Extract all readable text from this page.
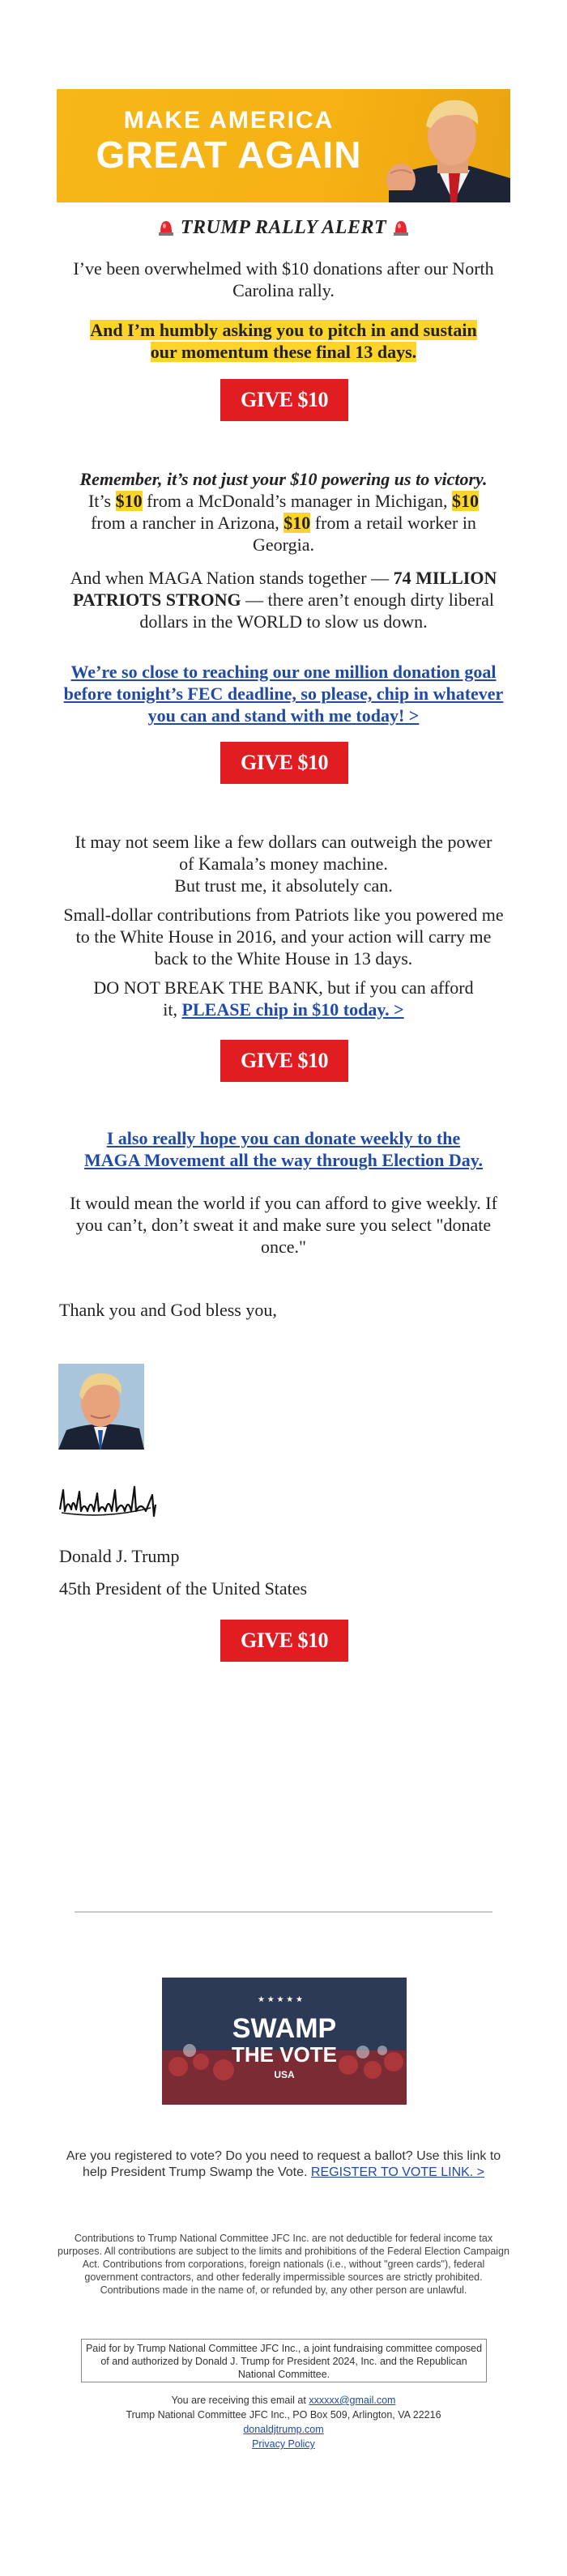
MAKE AMERICA
GREAT AGAIN
TRUMP RALLY ALERT

I’ve been overwhelmed with $10 donations after our North Carolina rally.

And I’m humbly asking you to pitch in and sustain our momentum these final 13 days.

GIVE $10

Remember, it’s not just your $10 powering us to victory.

It’s $10 from a McDonald’s manager in Michigan, $10 from a rancher in Arizona, $10 from a retail worker in Georgia.

And when MAGA Nation stands together — 74 MILLION PATRIOTS STRONG — there aren’t enough dirty liberal dollars in the WORLD to slow us down.

We’re so close to reaching our one million donation goal before tonight’s FEC deadline, so please, chip in whatever you can and stand with me today! >

GIVE $10

It may not seem like a few dollars can outweigh the power of Kamala’s money machine.
But trust me, it absolutely can.

Small-dollar contributions from Patriots like you powered me to the White House in 2016, and your action will carry me back to the White House in 13 days.

DO NOT BREAK THE BANK, but if you can afford it, PLEASE chip in $10 today. >

GIVE $10

I also really hope you can donate weekly to the MAGA Movement all the way through Election Day.

It would mean the world if you can afford to give weekly. If you can’t, don’t sweat it and make sure you select "donate once."

Thank you and God bless you,

Donald J. Trump

45th President of the United States

GIVE $10
★ ★ ★ ★ ★
SWAMP
THE VOTE
USA

Are you registered to vote? Do you need to request a ballot? Use this link to help President Trump Swamp the Vote. REGISTER TO VOTE LINK. >

Contributions to Trump National Committee JFC Inc. are not deductible for federal income tax purposes. All contributions are subject to the limits and prohibitions of the Federal Election Campaign Act. Contributions from corporations, foreign nationals (i.e., without "green cards"), federal government contractors, and other federally impermissible sources are strictly prohibited. Contributions made in the name of, or refunded by, any other person are unlawful.

Paid for by Trump National Committee JFC Inc., a joint fundraising committee composed of and authorized by Donald J. Trump for President 2024, Inc. and the Republican National Committee.
You are receiving this email at xxxxxx@gmail.com
Trump National Committee JFC Inc., PO Box 509, Arlington, VA 22216
donaldjtrump.com
Privacy Policy
